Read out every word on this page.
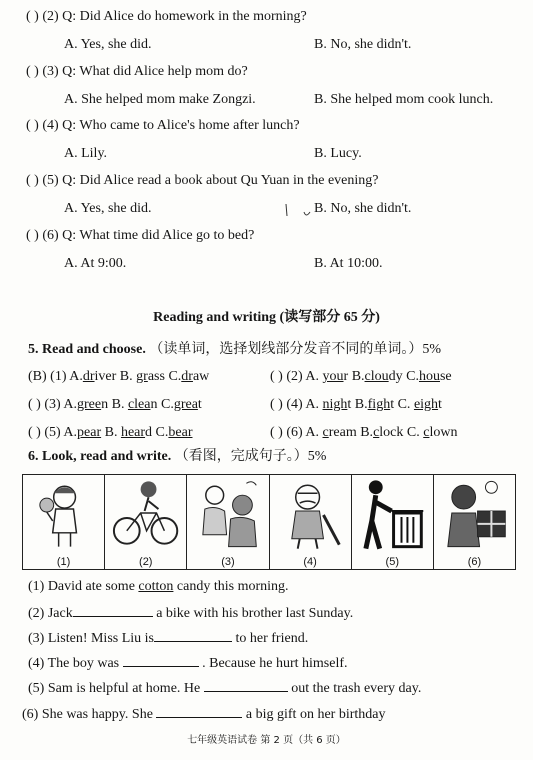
( ) (2) Q: Did Alice do homework in the morning?
A. Yes, she did.	B. No, she didn't.
( ) (3) Q: What did Alice help mom do?
A. She helped mom make Zongzi.	B. She helped mom cook lunch.
( ) (4) Q: Who came to Alice's home after lunch?
A. Lily.	B. Lucy.
( ) (5) Q: Did Alice read a book about Qu Yuan in the evening?
A. Yes, she did.	B. No, she didn't.
( ) (6) Q: What time did Alice go to bed?
A. At 9:00.	B. At 10:00.
Reading and writing (读写部分 65 分)
5. Read and choose. （读单词，选择划线部分发音不同的单词。）5%
(B) (1) A.driver B. grass C.draw	( ) (2) A. your B.cloudy C.house
( ) (3) A.green B. clean C.great	( ) (4) A. night B.fight C. eight
( ) (5) A.pear B. heard C.bear	( ) (6) A. cream B.clock C. clown
6. Look, read and write. （看图，完成句子。）5%
(1)	(2)	(3)	(4)	(5)	(6)
(1) David ate some cotton candy this morning.
(2) Jack	a bike with his brother last Sunday.
(3) Listen! Miss Liu is	to her friend.
(4) The boy was	. Because he hurt himself.
(5) Sam is helpful at home. He	out the trash every day.
(6) She was happy. She	a big gift on her birthday
七年级英语试卷 第 2 页（共 6 页）
